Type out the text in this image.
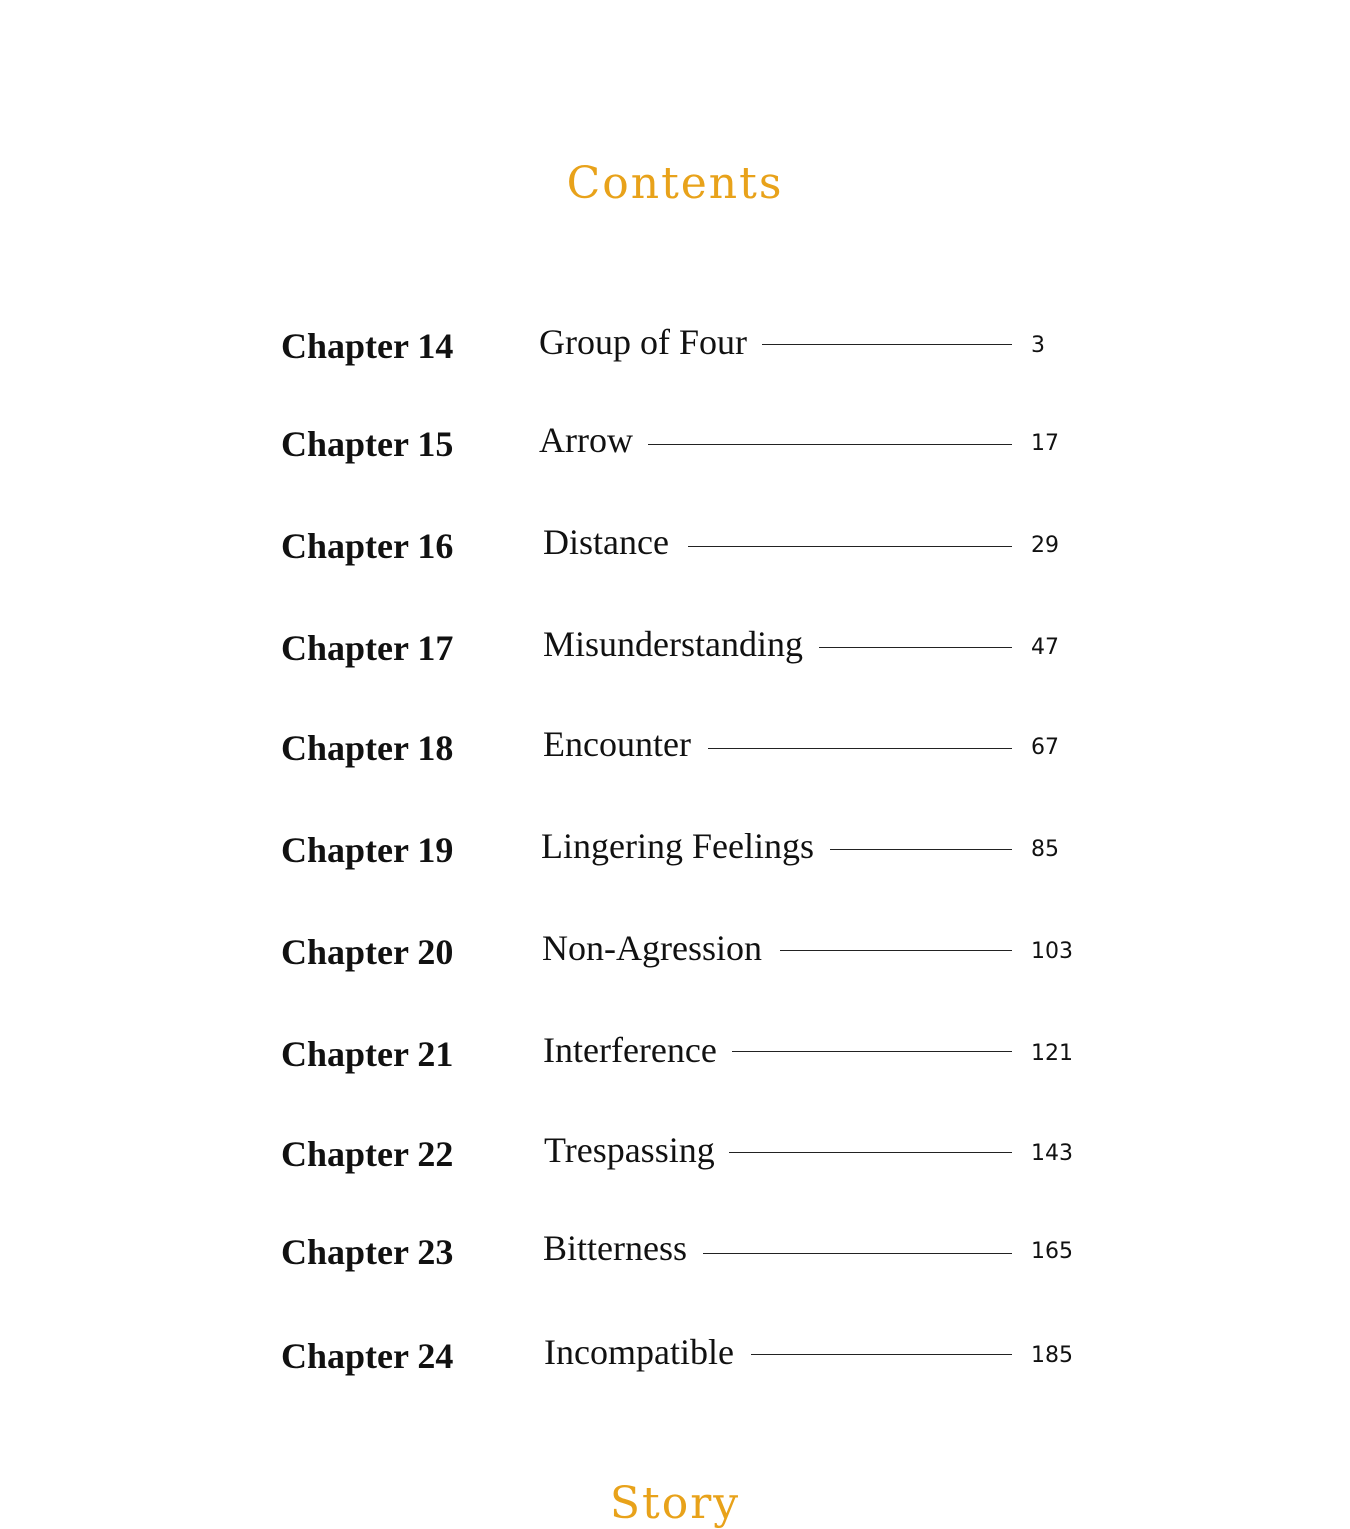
Contents
Chapter 14 Group of Four	3
Chapter 15 Arrow	17
Chapter 16 Distance	29
Chapter 17 Misunderstanding	47
Chapter 18 Encounter	67
Chapter 19 Lingering Feelings	85
Chapter 20 Non-Agression	103
Chapter 21 Interference	121
Chapter 22	Trespassing	143
Chapter 23 Bitterness	165
Chapter 24	Incompatible	185
Story
